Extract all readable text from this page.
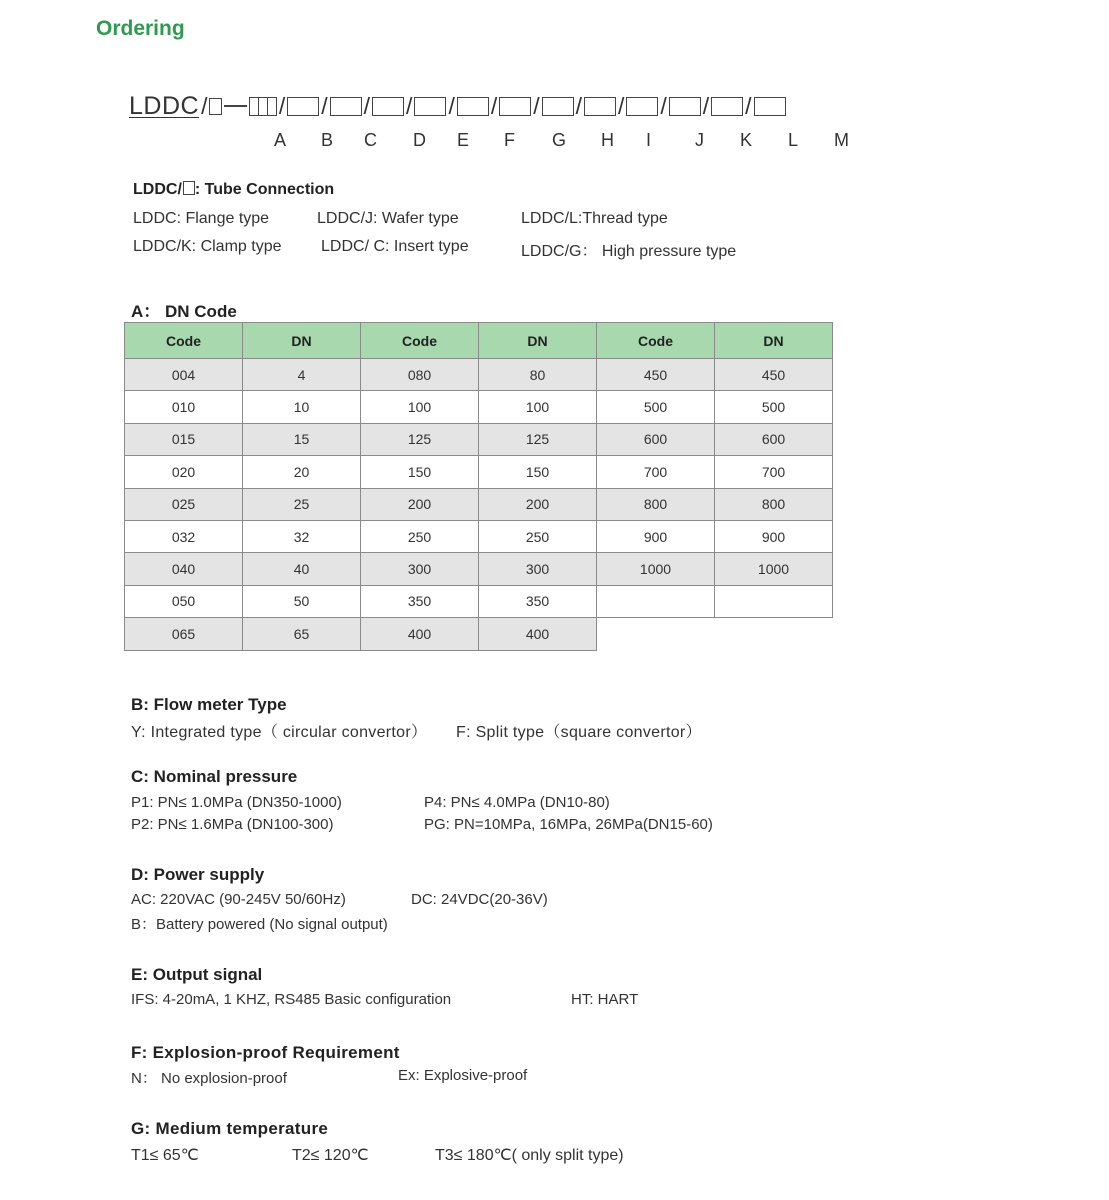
Ordering
LDDC /	/ / / / / / / / / / / /
A B C D E F G H I J K L M
LDDC/ : Tube Connection
LDDC: Flange type	LDDC/J: Wafer type	LDDC/L:Thread type
LDDC/K: Clamp type LDDC/ C: Insert type	LDDC/G： High pressure type
A： DN Code
Code	DN	Code	DN	Code	DN
004	4	080	80	450	450
010	10	100	100	500	500
015	15	125	125	600	600
020	20	150	150	700	700
025	25	200	200	800	800
032	32	250	250	900	900
040	40	300	300	1000	1000
050	50	350	350		
065	65	400	400		
B: Flow meter Type
Y: Integrated type（ circular convertor） F: Split type（square convertor）
C: Nominal pressure
P1: PN≤ 1.0MPa (DN350-1000)	P4: PN≤ 4.0MPa (DN10-80)
P2: PN≤ 1.6MPa (DN100-300)	PG: PN=10MPa, 16MPa, 26MPa(DN15-60)
D: Power supply
AC: 220VAC (90-245V 50/60Hz)	DC: 24VDC(20-36V)
B：Battery powered (No signal output)
E: Output signal
IFS: 4-20mA, 1 KHZ, RS485 Basic configuration	HT: HART
F: Explosion-proof Requirement
N： No explosion-proof	Ex: Explosive-proof
G: Medium temperature
T1≤ 65℃	T2≤ 120℃	T3≤ 180℃( only split type)
